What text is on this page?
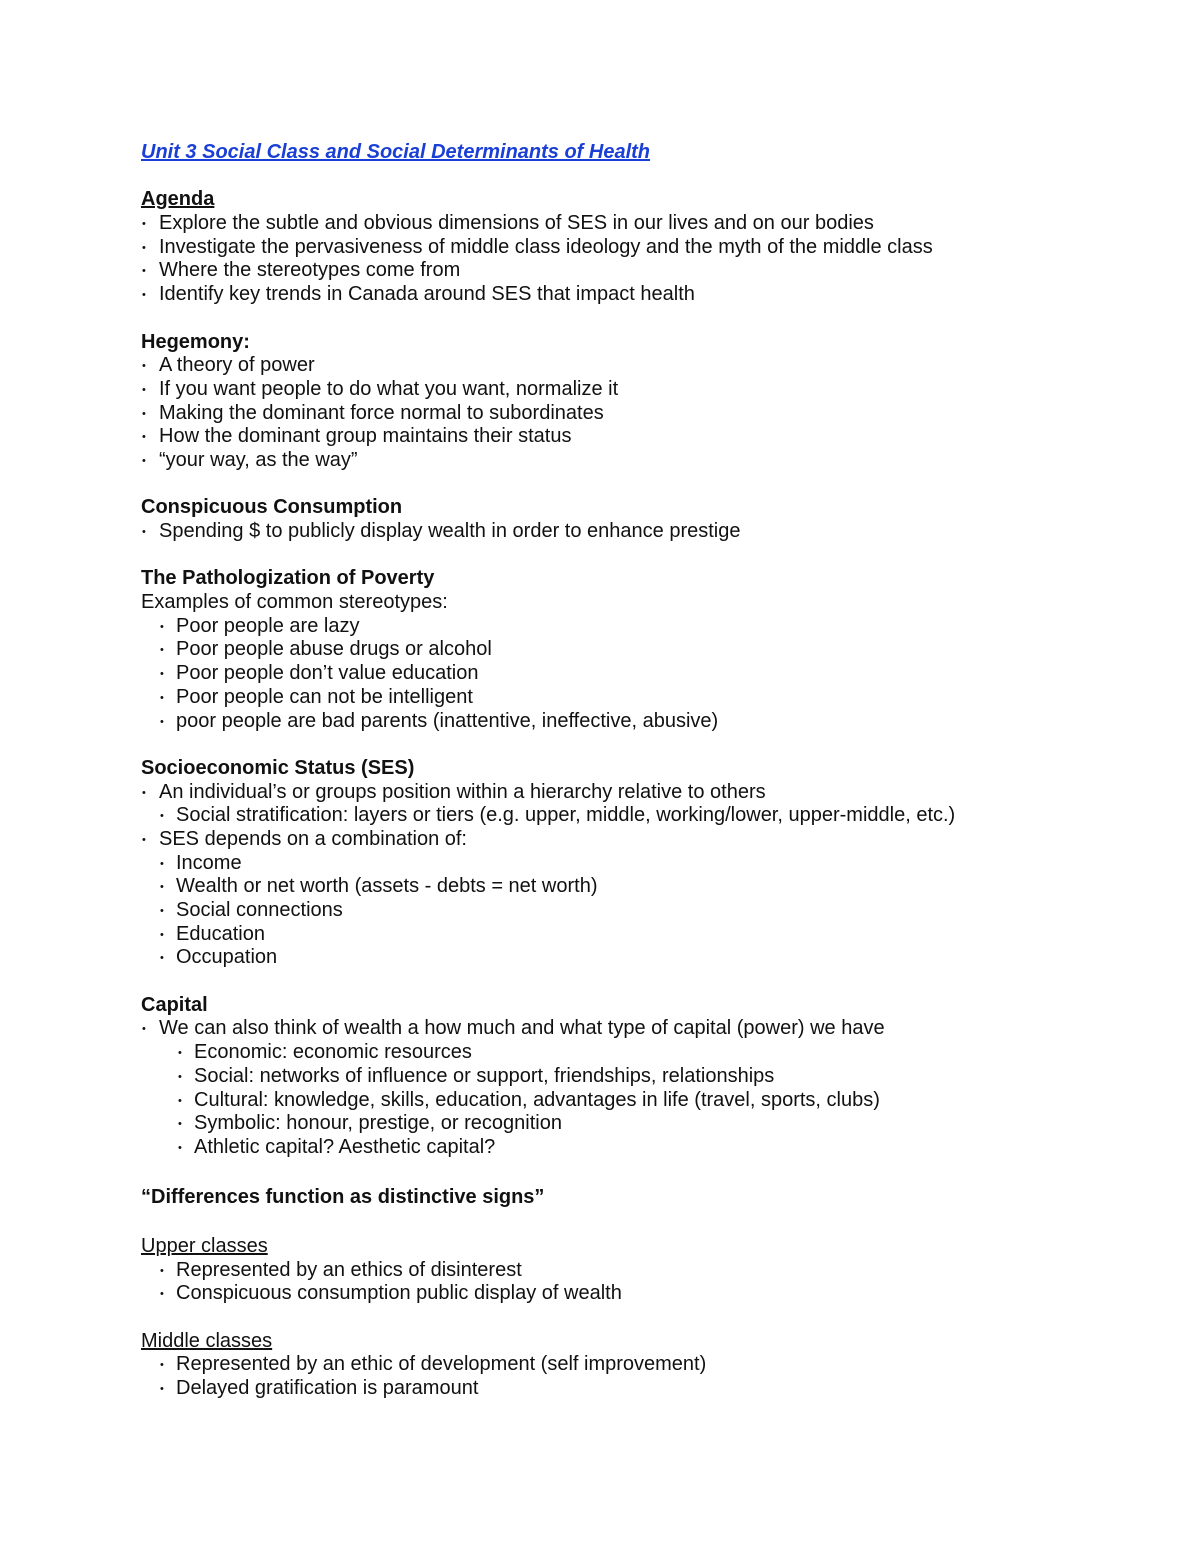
Unit 3 Social Class and Social Determinants of Health
Agenda
• Explore the subtle and obvious dimensions of SES in our lives and on our bodies
• Investigate the pervasiveness of middle class ideology and the myth of the middle class
• Where the stereotypes come from
• Identify key trends in Canada around SES that impact health
Hegemony:
• A theory of power
• If you want people to do what you want, normalize it
• Making the dominant force normal to subordinates
• How the dominant group maintains their status
• “your way, as the way”
Conspicuous Consumption
• Spending $ to publicly display wealth in order to enhance prestige
The Pathologization of Poverty
Examples of common stereotypes:
• Poor people are lazy
• Poor people abuse drugs or alcohol
• Poor people don’t value education
• Poor people can not be intelligent
• poor people are bad parents (inattentive, ineffective, abusive)
Socioeconomic Status (SES)
• An individual’s or groups position within a hierarchy relative to others
• Social stratification: layers or tiers (e.g. upper, middle, working/lower, upper-middle, etc.)
• SES depends on a combination of:
• Income
• Wealth or net worth (assets - debts = net worth)
• Social connections
• Education
• Occupation
Capital
• We can also think of wealth a how much and what type of capital (power) we have
• Economic: economic resources
• Social: networks of influence or support, friendships, relationships
• Cultural: knowledge, skills, education, advantages in life (travel, sports, clubs)
• Symbolic: honour, prestige, or recognition
• Athletic capital? Aesthetic capital?
“Differences function as distinctive signs”
Upper classes
• Represented by an ethics of disinterest
• Conspicuous consumption public display of wealth
Middle classes
• Represented by an ethic of development (self improvement)
• Delayed gratification is paramount
